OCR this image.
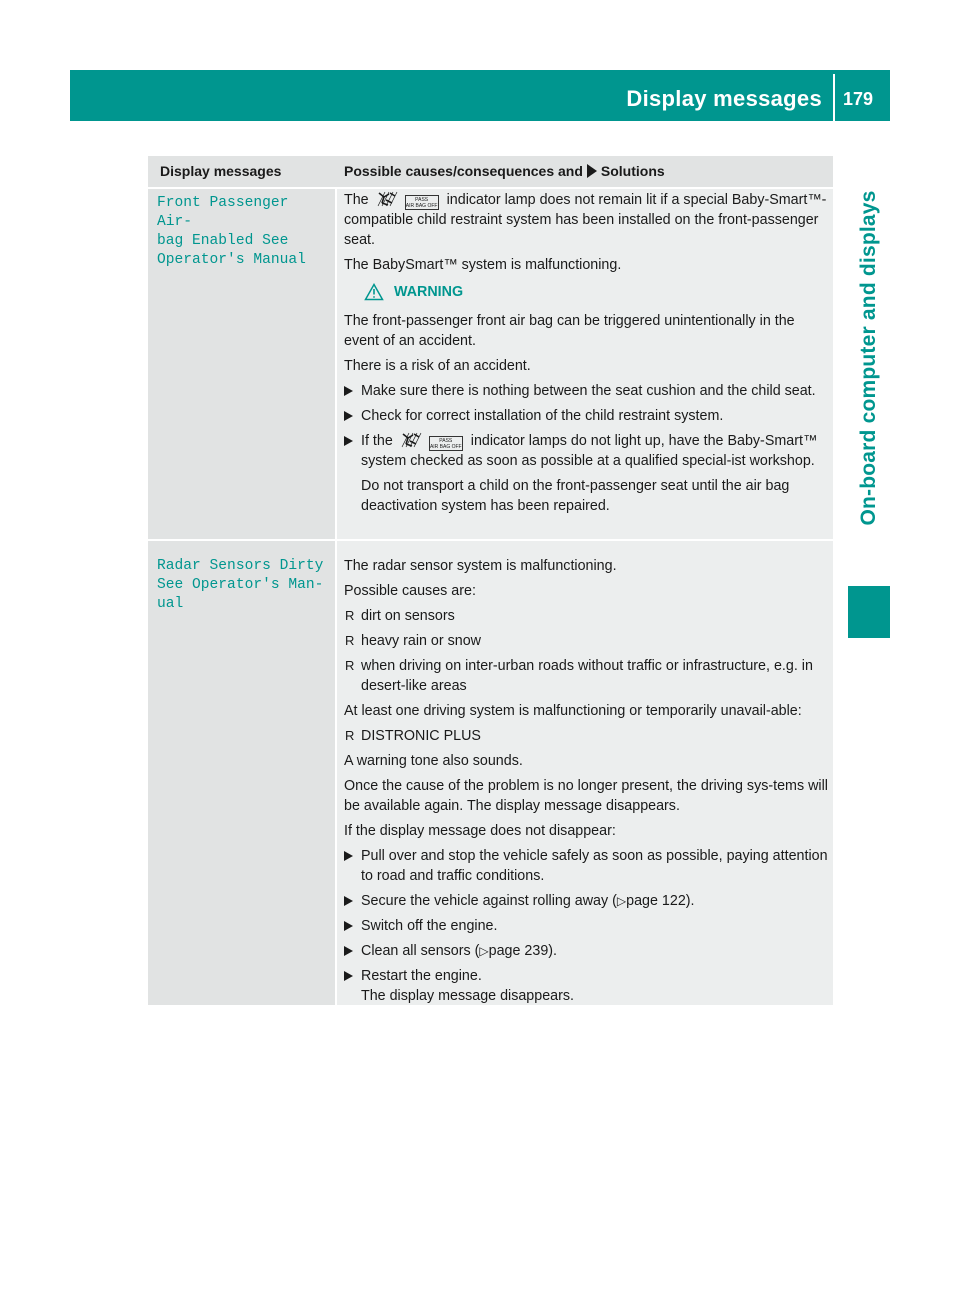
Display messages 179
On-board computer and displays
Display messages	Possible causes/consequences and Solutions

Front Passenger Air‐
bag Enabled See
Operator's Manual

The	PASS
AIR BAG OFF indicator lamp does not remain lit if a special Baby-Smart™-compatible child restraint system has been installed on the front-passenger seat.

The BabySmart™ system is malfunctioning.

WARNING

The front-passenger front air bag can be triggered unintentionally in the event of an accident.

There is a risk of an accident.

Make sure there is nothing between the seat cushion and the child seat.

Check for correct installation of the child restraint system.

If the	PASS
AIR BAG OFF indicator lamps do not light up, have the Baby-Smart™ system checked as soon as possible at a qualified special-ist workshop.

Do not transport a child on the front-passenger seat until the air bag deactivation system has been repaired.

Radar Sensors Dirty
See Operator's Man‐
ual

The radar sensor system is malfunctioning.

Possible causes are:

R dirt on sensors

R heavy rain or snow

R when driving on inter-urban roads without traffic or infrastructure, e.g. in desert-like areas

At least one driving system is malfunctioning or temporarily unavail-able:

R DISTRONIC PLUS

A warning tone also sounds.

Once the cause of the problem is no longer present, the driving sys-tems will be available again. The display message disappears.

If the display message does not disappear:

Pull over and stop the vehicle safely as soon as possible, paying attention to road and traffic conditions.

Secure the vehicle against rolling away (▷page 122).

Switch off the engine.

Clean all sensors (▷page 239).

Restart the engine.

The display message disappears.
